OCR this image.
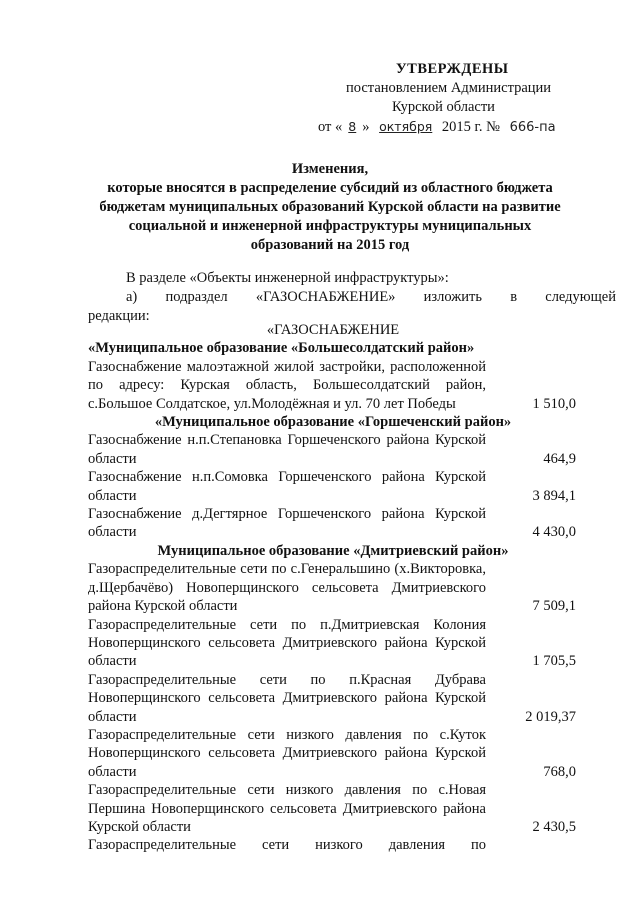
УТВЕРЖДЕНЫ
постановлением Администрации
Курской области
от « 8 » октября 2015 г. № 666-па
Изменения,
которые вносятся в распределение субсидий из областного бюджета
бюджетам муниципальных образований Курской области на развитие
социальной и инженерной инфраструктуры муниципальных
образований на 2015 год
В разделе «Объекты инженерной инфраструктуры»:
а) подраздел «ГАЗОСНАБЖЕНИЕ» изложить в следующей
редакции:
«ГАЗОСНАБЖЕНИЕ
«Муниципальное образование «Большесолдатский район»
Газоснабжение малоэтажной жилой застройки, расположенной по адресу: Курская область, Большесолдатский район, с.Большое Солдатское, ул.Молодёжная и ул. 70 лет Победы	1 510,0
«Муниципальное образование «Горшеченский район»
Газоснабжение н.п.Степановка Горшеченского района Курской области	464,9
Газоснабжение н.п.Сомовка Горшеченского района Курской области	3 894,1
Газоснабжение д.Дегтярное Горшеченского района Курской области	4 430,0
Муниципальное образование «Дмитриевский район»
Газораспределительные сети по с.Генеральшино (х.Викторовка, д.Щербачёво) Новоперщинского сельсовета Дмитриевского района Курской области	7 509,1
Газораспределительные сети по п.Дмитриевская Колония Новоперщинского сельсовета Дмитриевского района Курской области	1 705,5
Газораспределительные сети по п.Красная Дубрава Новоперщинского сельсовета Дмитриевского района Курской области	2 019,37
Газораспределительные сети низкого давления по с.Куток Новоперщинского сельсовета Дмитриевского района Курской области	768,0
Газораспределительные сети низкого давления по с.Новая Першина Новоперщинского сельсовета Дмитриевского района Курской области	2 430,5
Газораспределительные сети низкого давления по
